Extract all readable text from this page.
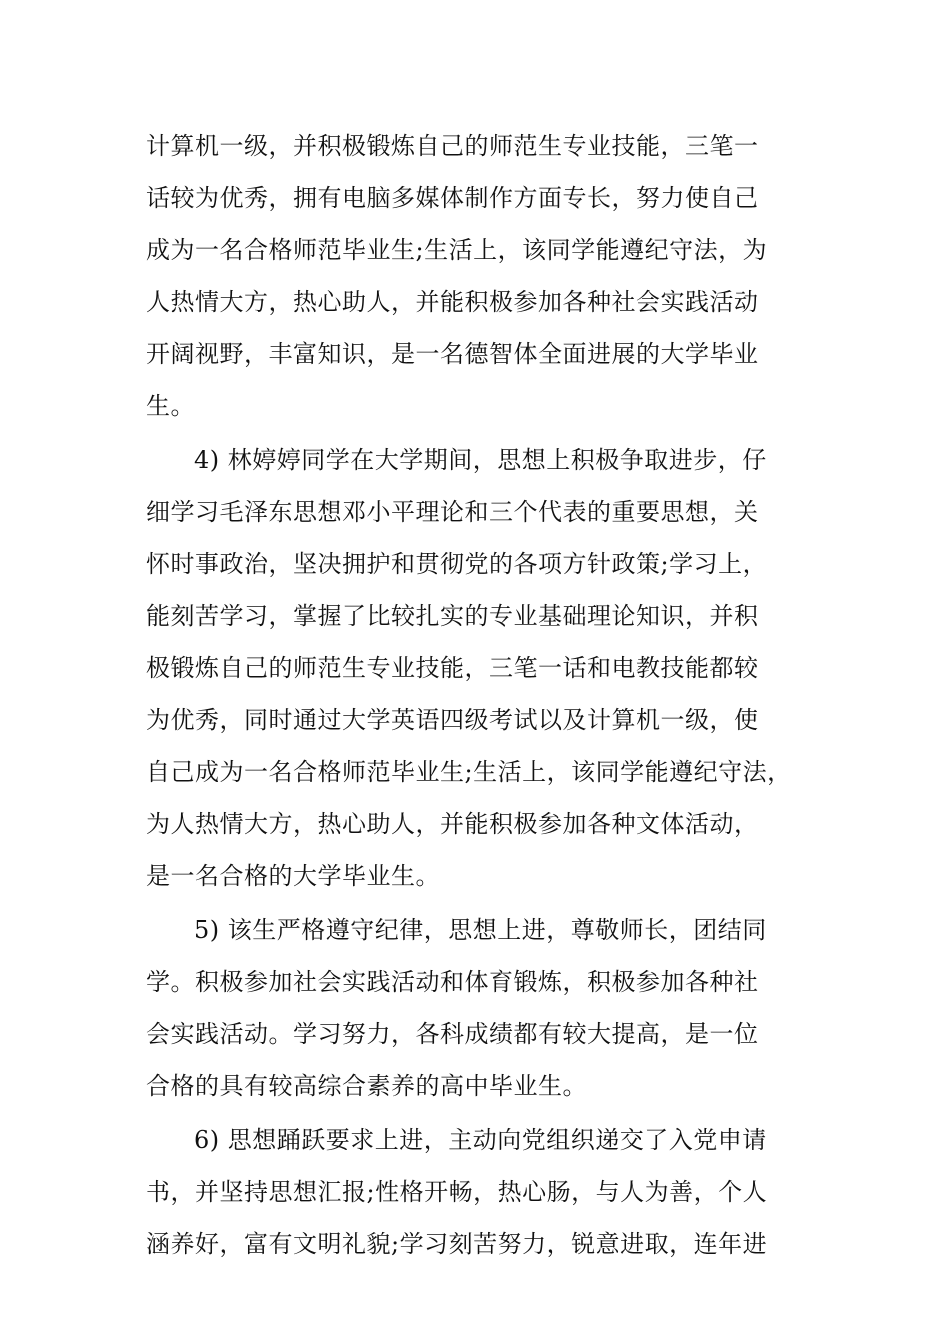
计算机一级，并积极锻炼自己的师范生专业技能，三笔一
话较为优秀，拥有电脑多媒体制作方面专长，努力使自己
成为一名合格师范毕业生;生活上，该同学能遵纪守法，为
人热情大方，热心助人，并能积极参加各种社会实践活动
开阔视野，丰富知识，是一名德智体全面进展的大学毕业
生。
4) 林婷婷同学在大学期间，思想上积极争取进步，仔
细学习毛泽东思想邓小平理论和三个代表的重要思想，关
怀时事政治，坚决拥护和贯彻党的各项方针政策;学习上，
能刻苦学习，掌握了比较扎实的专业基础理论知识，并积
极锻炼自己的师范生专业技能，三笔一话和电教技能都较
为优秀，同时通过大学英语四级考试以及计算机一级，使
自己成为一名合格师范毕业生;生活上，该同学能遵纪守法，
为人热情大方，热心助人，并能积极参加各种文体活动，
是一名合格的大学毕业生。
5) 该生严格遵守纪律，思想上进，尊敬师长，团结同
学。积极参加社会实践活动和体育锻炼，积极参加各种社
会实践活动。学习努力，各科成绩都有较大提高，是一位
合格的具有较高综合素养的高中毕业生。
6) 思想踊跃要求上进，主动向党组织递交了入党申请
书，并坚持思想汇报;性格开畅，热心肠，与人为善，个人
涵养好，富有文明礼貌;学习刻苦努力，锐意进取，连年进
